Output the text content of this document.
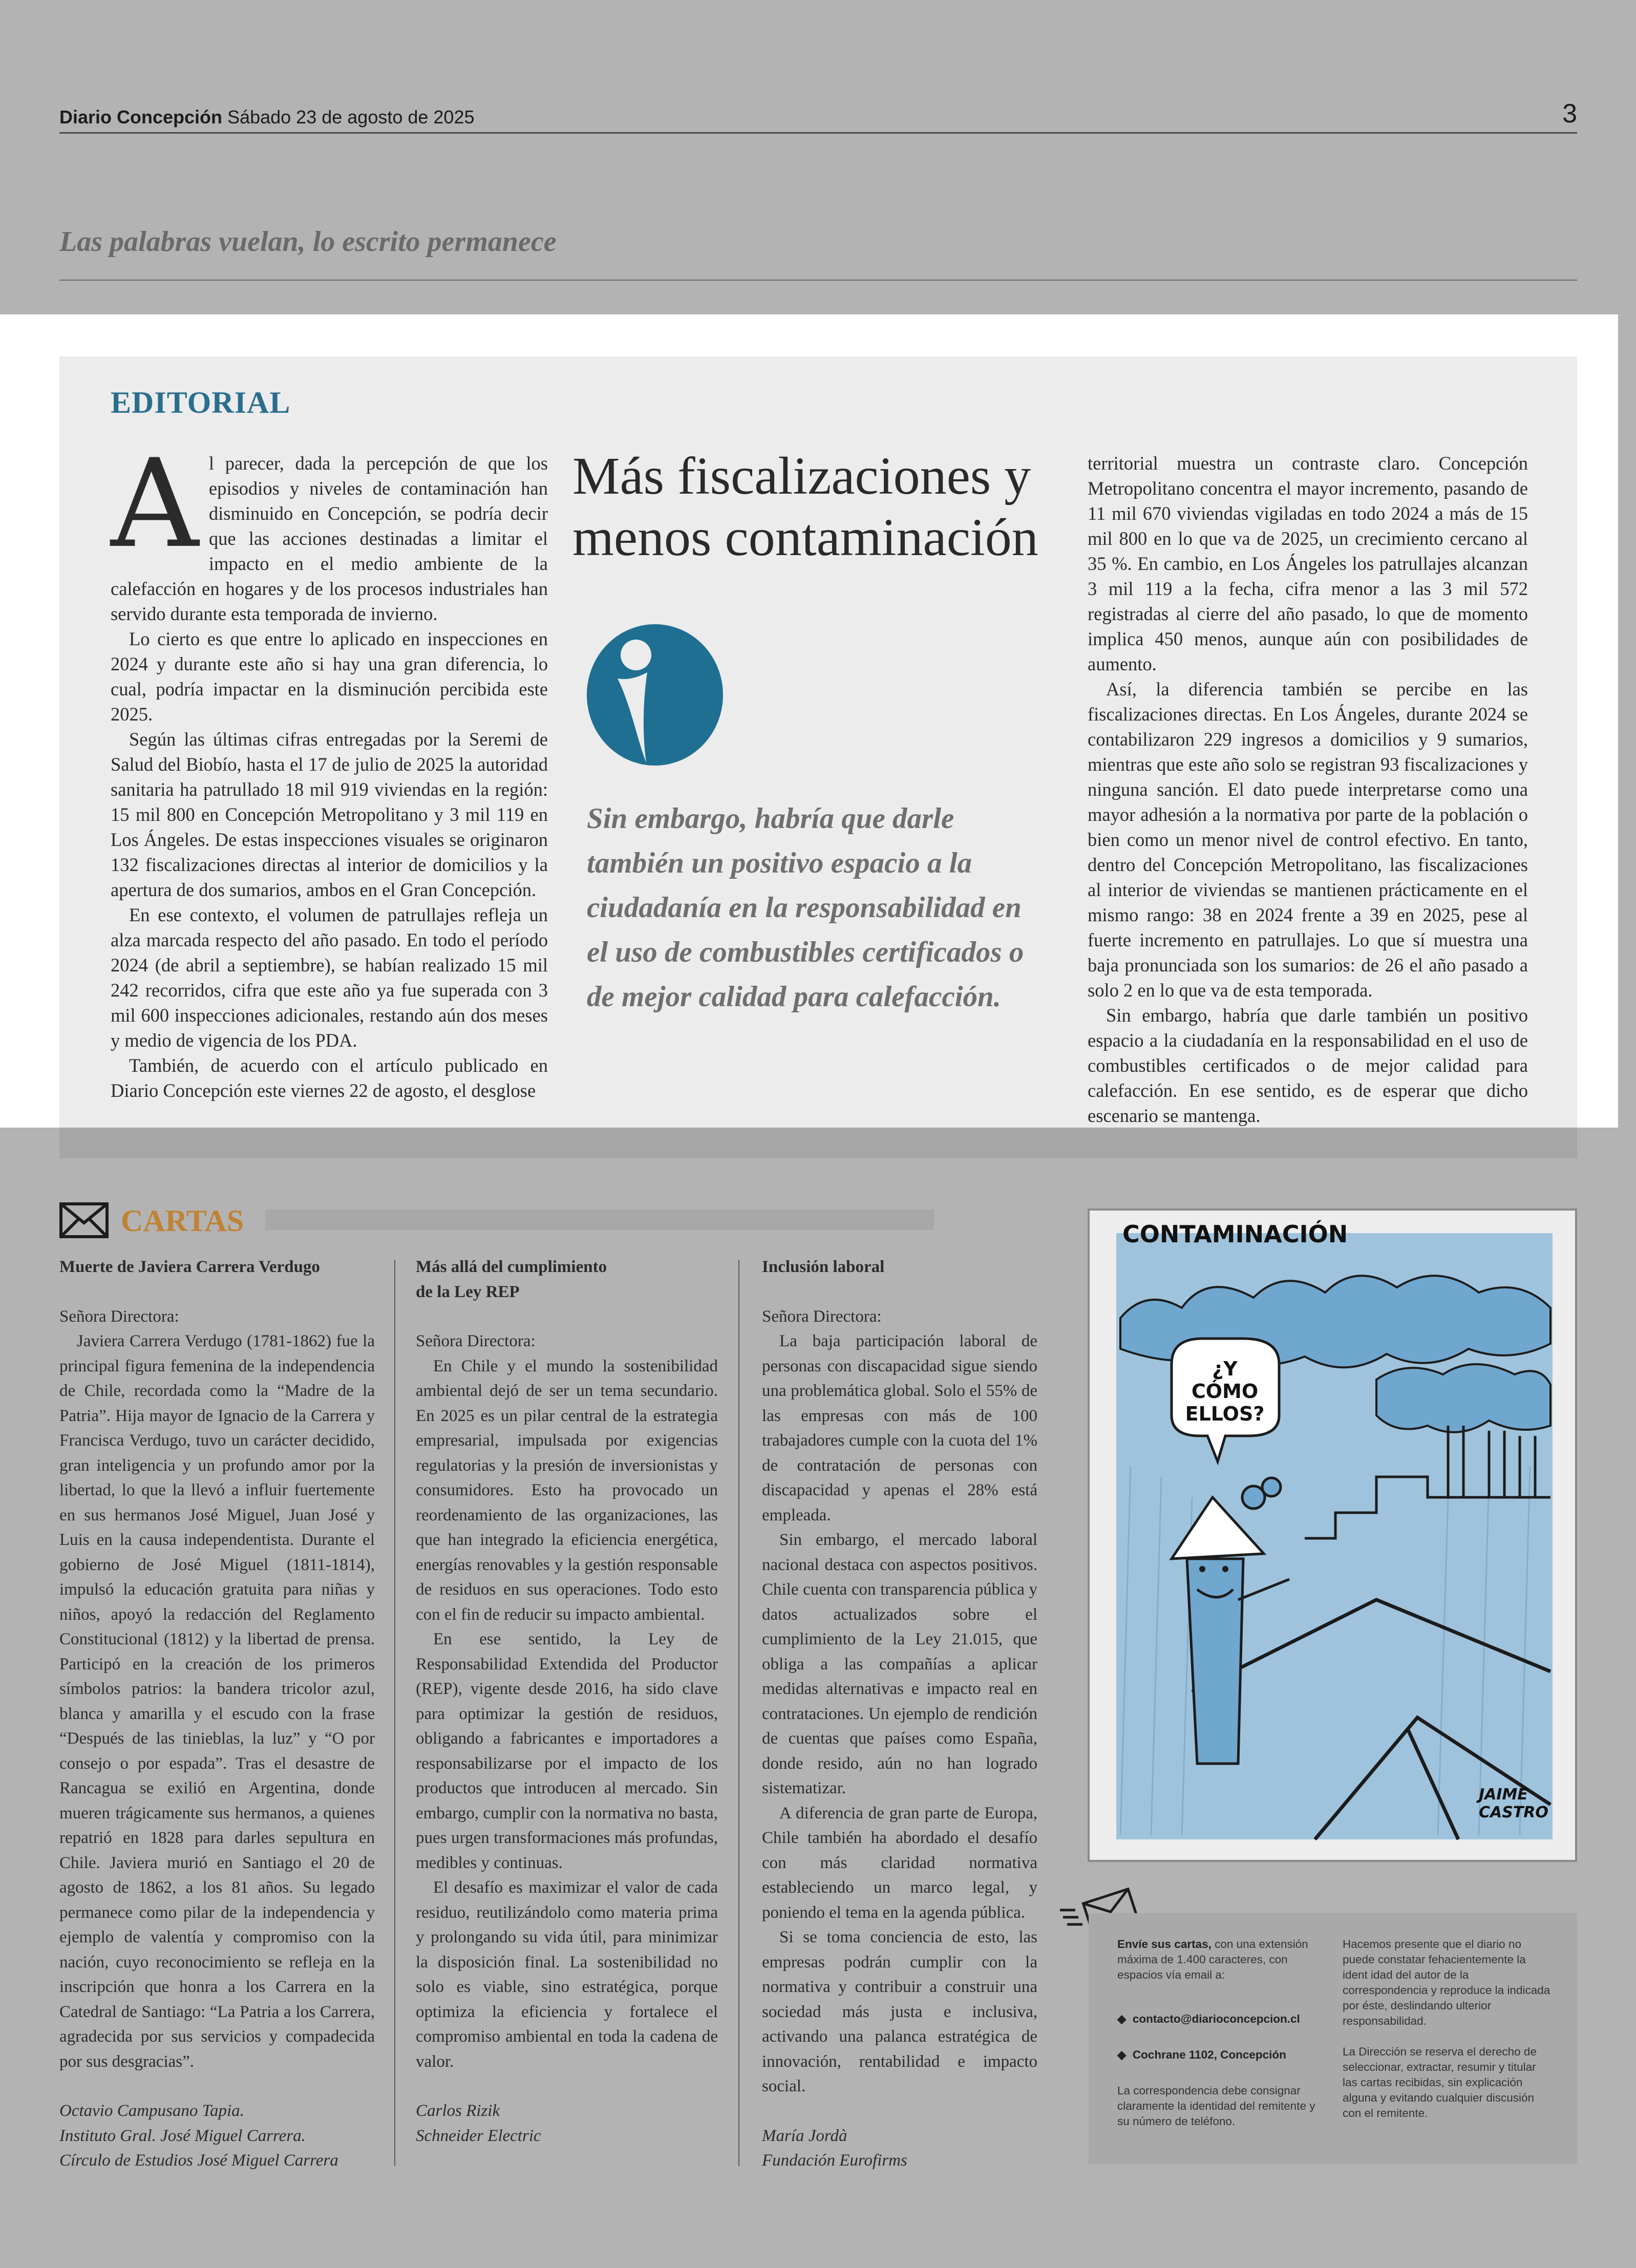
Diario Concepción Sábado 23 de agosto de 2025	3
Las palabras vuelan, lo escrito permanece
EDITORIAL

Al parecer, dada la percepción de que los episodios y niveles de contaminación han disminuido en Concepción, se podría decir que las acciones destinadas a limitar el impacto en el medio ambiente de la calefacción en hogares y de los procesos industriales han servido durante esta temporada de invierno.

Lo cierto es que entre lo aplicado en inspecciones en 2024 y durante este año si hay una gran diferencia, lo cual, podría impactar en la disminución percibida este 2025.

Según las últimas cifras entregadas por la Seremi de Salud del Biobío, hasta el 17 de julio de 2025 la autoridad sanitaria ha patrullado 18 mil 919 viviendas en la región: 15 mil 800 en Concepción Metropolitano y 3 mil 119 en Los Ángeles. De estas inspecciones visuales se originaron 132 fiscalizaciones directas al interior de domicilios y la apertura de dos sumarios, ambos en el Gran Concepción.

En ese contexto, el volumen de patrullajes refleja un alza marcada respecto del año pasado. En todo el período 2024 (de abril a septiembre), se habían realizado 15 mil 242 recorridos, cifra que este año ya fue superada con 3 mil 600 inspecciones adicionales, restando aún dos meses y medio de vigencia de los PDA.

También, de acuerdo con el artículo publicado en Diario Concepción este viernes 22 de agosto, el desglose

Más fiscalizaciones y
menos contaminación
Sin embargo, habría que darle también un positivo espacio a la ciudadanía en la responsabilidad en el uso de combustibles certificados o de mejor calidad para calefacción.

territorial muestra un contraste claro. Concepción Metropolitano concentra el mayor incremento, pasando de 11 mil 670 viviendas vigiladas en todo 2024 a más de 15 mil 800 en lo que va de 2025, un crecimiento cercano al 35 %. En cambio, en Los Ángeles los patrullajes alcanzan 3 mil 119 a la fecha, cifra menor a las 3 mil 572 registradas al cierre del año pasado, lo que de momento implica 450 menos, aunque aún con posibilidades de aumento.

Así, la diferencia también se percibe en las fiscalizaciones directas. En Los Ángeles, durante 2024 se contabilizaron 229 ingresos a domicilios y 9 sumarios, mientras que este año solo se registran 93 fiscalizaciones y ninguna sanción. El dato puede interpretarse como una mayor adhesión a la normativa por parte de la población o bien como un menor nivel de control efectivo. En tanto, dentro del Concepción Metropolitano, las fiscalizaciones al interior de viviendas se mantienen prácticamente en el mismo rango: 38 en 2024 frente a 39 en 2025, pese al fuerte incremento en patrullajes. Lo que sí muestra una baja pronunciada son los sumarios: de 26 el año pasado a solo 2 en lo que va de esta temporada.

Sin embargo, habría que darle también un positivo espacio a la ciudadanía en la responsabilidad en el uso de combustibles certificados o de mejor calidad para calefacción. En ese sentido, es de esperar que dicho escenario se mantenga.

CARTAS
Muerte de Javiera Carrera Verdugo

Señora Directora:

Javiera Carrera Verdugo (1781-1862) fue la principal figura femenina de la independencia de Chile, recordada como la “Madre de la Patria”. Hija mayor de Ignacio de la Carrera y Francisca Verdugo, tuvo un carácter decidido, gran inteligencia y un profundo amor por la libertad, lo que la llevó a influir fuertemente en sus hermanos José Miguel, Juan José y Luis en la causa independentista. Durante el gobierno de José Miguel (1811-1814), impulsó la educación gratuita para niñas y niños, apoyó la redacción del Reglamento Constitucional (1812) y la libertad de prensa. Participó en la creación de los primeros símbolos patrios: la bandera tricolor azul, blanca y amarilla y el escudo con la frase “Después de las tinieblas, la luz” y “O por consejo o por espada”. Tras el desastre de Rancagua se exilió en Argentina, donde mueren trágicamente sus hermanos, a quienes repatrió en 1828 para darles sepultura en Chile. Javiera murió en Santiago el 20 de agosto de 1862, a los 81 años. Su legado permanece como pilar de la independencia y ejemplo de valentía y compromiso con la nación, cuyo reconocimiento se refleja en la inscripción que honra a los Carrera en la Catedral de Santiago: “La Patria a los Carrera, agradecida por sus servicios y compadecida por sus desgracias”.

Octavio Campusano Tapia.
Instituto Gral. José Miguel Carrera.
Círculo de Estudios José Miguel Carrera
Más allá del cumplimiento
de la Ley REP

Señora Directora:

En Chile y el mundo la sostenibilidad ambiental dejó de ser un tema secundario. En 2025 es un pilar central de la estrategia empresarial, impulsada por exigencias regulatorias y la presión de inversionistas y consumidores. Esto ha provocado un reordenamiento de las organizaciones, las que han integrado la eficiencia energética, energías renovables y la gestión responsable de residuos en sus operaciones. Todo esto con el fin de reducir su impacto ambiental.

En ese sentido, la Ley de Responsabilidad Extendida del Productor (REP), vigente desde 2016, ha sido clave para optimizar la gestión de residuos, obligando a fabricantes e importadores a responsabilizarse por el impacto de los productos que introducen al mercado. Sin embargo, cumplir con la normativa no basta, pues urgen transformaciones más profundas, medibles y continuas.

El desafío es maximizar el valor de cada residuo, reutilizándolo como materia prima y prolongando su vida útil, para minimizar la disposición final. La sostenibilidad no solo es viable, sino estratégica, porque optimiza la eficiencia y fortalece el compromiso ambiental en toda la cadena de valor.

Carlos Rizik
Schneider Electric
Inclusión laboral

Señora Directora:

La baja participación laboral de personas con discapacidad sigue siendo una problemática global. Solo el 55% de las empresas con más de 100 trabajadores cumple con la cuota del 1% de contratación de personas con discapacidad y apenas el 28% está empleada.

Sin embargo, el mercado laboral nacional destaca con aspectos positivos. Chile cuenta con transparencia pública y datos actualizados sobre el cumplimiento de la Ley 21.015, que obliga a las compañías a aplicar medidas alternativas e impacto real en contrataciones. Un ejemplo de rendición de cuentas que países como España, donde resido, aún no han logrado sistematizar.

A diferencia de gran parte de Europa, Chile también ha abordado el desafío con más claridad normativa estableciendo un marco legal, y poniendo el tema en la agenda pública.

Si se toma conciencia de esto, las empresas podrán cumplir con la normativa y contribuir a construir una sociedad más justa e inclusiva, activando una palanca estratégica de innovación, rentabilidad e impacto social.

María Jordà
Fundación Eurofirms
CONTAMINACIÓN
¿Y
CÓMO
ELLOS?
JAIME
CASTRO
Envíe sus cartas, con una extensión máxima de 1.400 caracteres, con espacios vía email a:
◆  contacto@diarioconcepcion.cl
◆  Cochrane 1102, Concepción
La correspondencia debe consignar claramente la identidad del remitente y su número de teléfono.
Hacemos presente que el diario no puede constatar fehacientemente la ident idad del autor de la correspondencia y reproduce la indicada por éste, deslindando ulterior responsabilidad.
La Dirección se reserva el derecho de seleccionar, extractar, resumir y titular las cartas recibidas, sin explicación alguna y evitando cualquier discusión con el remitente.
